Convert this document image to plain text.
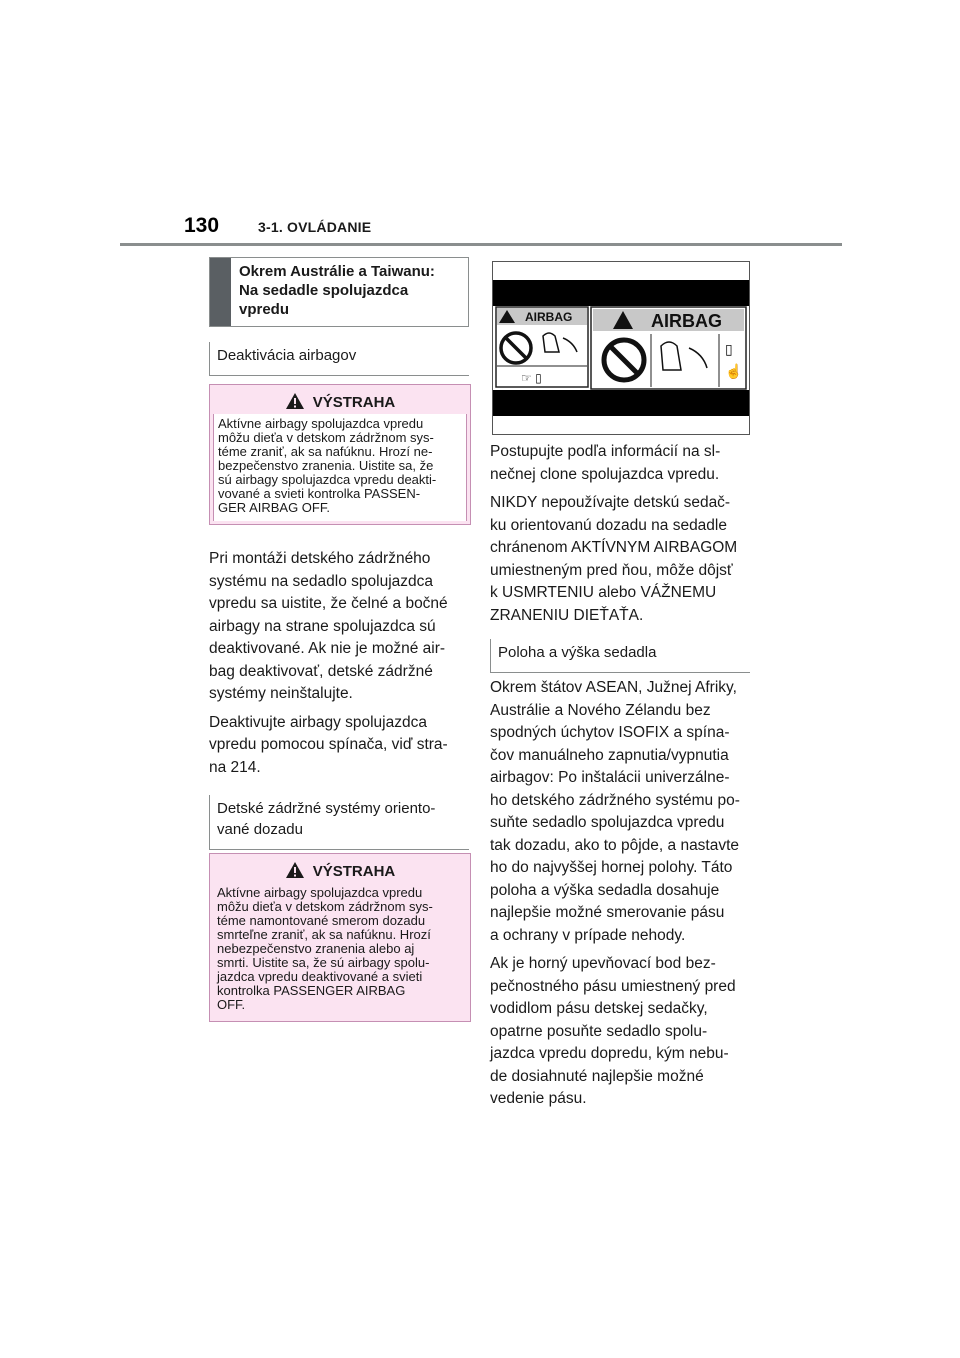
130	3-1. OVLÁDANIE
Okrem Austrálie a Taiwanu:
Na sedadle spolujazdca
vpredu
Deaktivácia airbagov
VÝSTRAHA
Aktívne airbagy spolujazdca vpredu
môžu dieťa v detskom zádržnom sys-
téme zraniť, ak sa nafúknu. Hrozí ne-
bezpečenstvo zranenia. Uistite sa, že
sú airbagy spolujazdca vpredu deakti-
vované a svieti kontrolka PASSEN-
GER AIRBAG OFF.

Pri montáži detského zádržného
systému na sedadlo spolujazdca
vpredu sa uistite, že čelné a bočné
airbagy na strane spolujazdca sú
deaktivované. Ak nie je možné air-
bag deaktivovať, detské zádržné
systémy neinštalujte.

Deaktivujte airbagy spolujazdca
vpredu pomocou spínača, viď stra-
na 214.

Detské zádržné systémy oriento-
vané dozadu
VÝSTRAHA
Aktívne airbagy spolujazdca vpredu
môžu dieťa v detskom zádržnom sys-
téme namontované smerom dozadu
smrteľne zraniť, ak sa nafúknu. Hrozí
nebezpečenstvo zranenia alebo aj
smrti. Uistite sa, že sú airbagy spolu-
jazdca vpredu deaktivované a svieti
kontrolka PASSENGER AIRBAG
OFF.
AIRBAG
☞ ▯
AIRBAG
▯
☝

Postupujte podľa informácií na sl-
nečnej clone spolujazdca vpredu.

NIKDY nepoužívajte detskú sedač-
ku orientovanú dozadu na sedadle
chránenom AKTÍVNYM AIRBAGOM
umiestneným pred ňou, môže dôjsť
k USMRTENIU alebo VÁŽNEMU
ZRANENIU DIEŤAŤA.

Poloha a výška sedadla

Okrem štátov ASEAN, Južnej Afriky,
Austrálie a Nového Zélandu bez
spodných úchytov ISOFIX a spína-
čov manuálneho zapnutia/vypnutia
airbagov: Po inštalácii univerzálne-
ho detského zádržného systému po-
suňte sedadlo spolujazdca vpredu
tak dozadu, ako to pôjde, a nastavte
ho do najvyššej hornej polohy. Táto
poloha a výška sedadla dosahuje
najlepšie možné smerovanie pásu
a ochrany v prípade nehody.

Ak je horný upevňovací bod bez-
pečnostného pásu umiestnený pred
vodidlom pásu detskej sedačky,
opatrne posuňte sedadlo spolu-
jazdca vpredu dopredu, kým nebu-
de dosiahnuté najlepšie možné
vedenie pásu.
